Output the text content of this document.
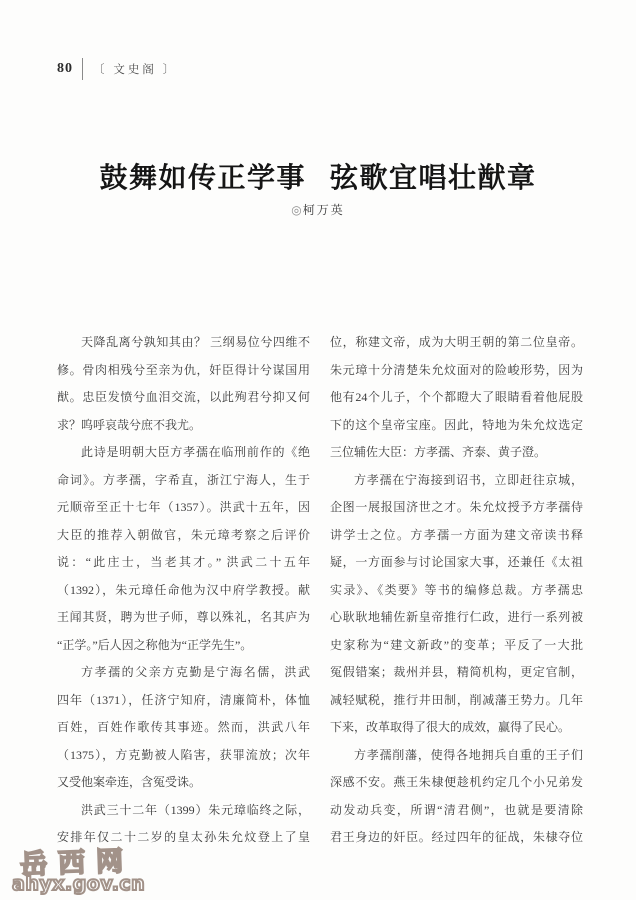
80 〔 文史阁 〕
鼓舞如传正学事 弦歌宜唱壮猷章
◎柯万英
天降乱离兮孰知其由？ 三纲易位兮四维不
修。骨肉相残兮至亲为仇，奸臣得计兮谋国用
猷。忠臣发愤兮血泪交流，以此殉君兮抑又何
求？呜呼哀哉兮庶不我尤。
此诗是明朝大臣方孝孺在临刑前作的《绝
命词》。方孝孺，字希直，浙江宁海人，生于
元顺帝至正十七年（1357）。洪武十五年，因
大臣的推荐入朝做官，朱元璋考察之后评价
说：“此庄士，当老其才。” 洪武二十五年
（1392），朱元璋任命他为汉中府学教授。献
王闻其贤，聘为世子师，尊以殊礼，名其庐为
“正学。”后人因之称他为“正学先生”。
方孝孺的父亲方克勤是宁海名儒，洪武
四年（1371），任济宁知府，清廉简朴，体恤
百姓，百姓作歌传其事迹。然而，洪武八年
（1375），方克勤被人陷害，获罪流放；次年
又受他案牵连，含冤受诛。
洪武三十二年（1399）朱元璋临终之际，
安排年仅二十二岁的皇太孙朱允炆登上了皇
位，称建文帝，成为大明王朝的第二位皇帝。
朱元璋十分清楚朱允炆面对的险峻形势，因为
他有24个儿子，个个都瞪大了眼睛看着他屁股
下的这个皇帝宝座。因此，特地为朱允炆选定
三位辅佐大臣：方孝孺、齐泰、黄子澄。
方孝孺在宁海接到诏书，立即赶往京城，
企图一展报国济世之才。朱允炆授予方孝孺侍
讲学士之位。方孝孺一方面为建文帝读书释
疑，一方面参与讨论国家大事，还兼任《太祖
实录》、《类要》等书的编修总裁。方孝孺忠
心耿耿地辅佐新皇帝推行仁政，进行一系列被
史家称为“建文新政”的变革；平反了一大批
冤假错案；裁州并县，精简机构，更定官制，
减轻赋税，推行井田制，削减藩王势力。几年
下来，改革取得了很大的成效，赢得了民心。
方孝孺削藩，使得各地拥兵自重的王子们
深感不安。燕王朱棣便趁机约定几个小兄弟发
动发动兵变，所谓“清君侧”，也就是要清除
君王身边的奸臣。经过四年的征战，朱棣夺位
岳西网
ahyx.gov.cn
